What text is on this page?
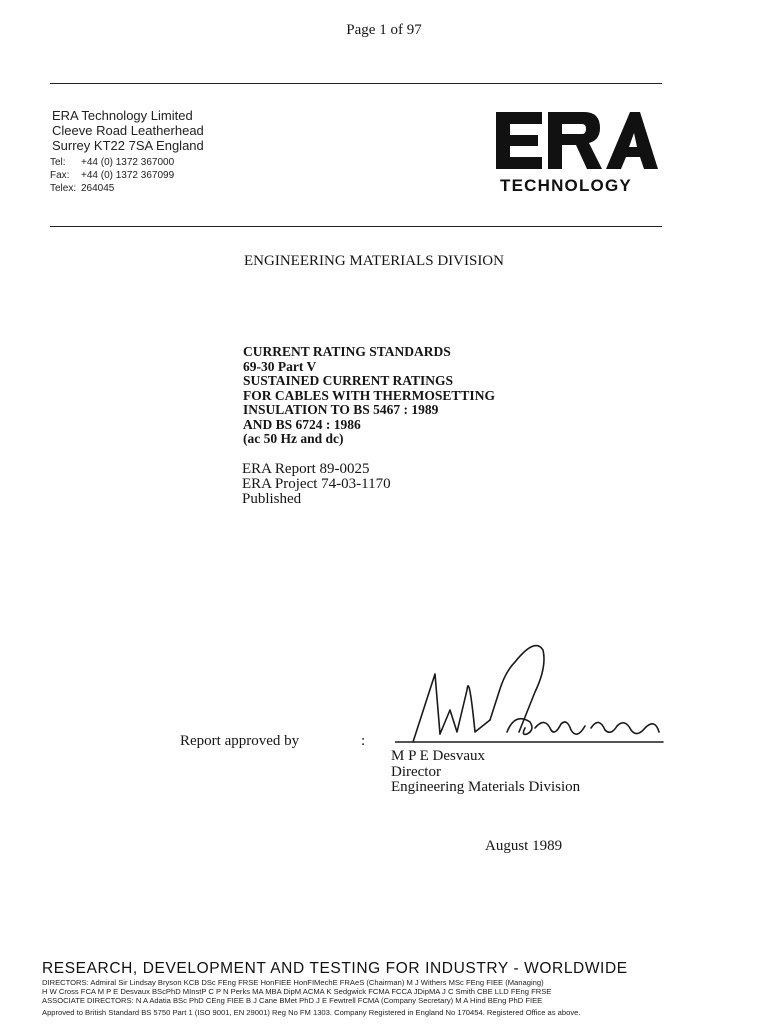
Page 1 of 97
ERA Technology Limited
Cleeve Road Leatherhead
Surrey KT22 7SA England
Tel: +44 (0) 1372 367000
Fax: +44 (0) 1372 367099
Telex: 264045	TECHNOLOGY
ENGINEERING MATERIALS DIVISION
CURRENT RATING STANDARDS
69-30 Part V
SUSTAINED CURRENT RATINGS
FOR CABLES WITH THERMOSETTING
INSULATION TO BS 5467 : 1989
AND BS 6724 : 1986
(ac 50 Hz and dc)
ERA Report 89-0025
ERA Project 74-03-1170
Published
Report approved by	:
M P E Desvaux
Director
Engineering Materials Division
August 1989
RESEARCH, DEVELOPMENT AND TESTING FOR INDUSTRY - WORLDWIDE
DIRECTORS: Admiral Sir Lindsay Bryson KCB DSc FEng FRSE HonFIEE HonFIMechE FRAeS (Chairman) M J Withers MSc FEng FIEE (Managing)
H W Cross FCA M P E Desvaux BScPhD MInstP C P N Perks MA MBA DipM ACMA K Sedgwick FCMA FCCA JDipMA J C Smith CBE LLD FEng FRSE
ASSOCIATE DIRECTORS: N A Adatia BSc PhD CEng FIEE B J Cane BMet PhD J E Fewtrell FCMA (Company Secretary) M A Hind BEng PhD FIEE
Approved to British Standard BS 5750 Part 1 (ISO 9001, EN 29001) Reg No FM 1303. Company Registered in England No 170454. Registered Office as above.
